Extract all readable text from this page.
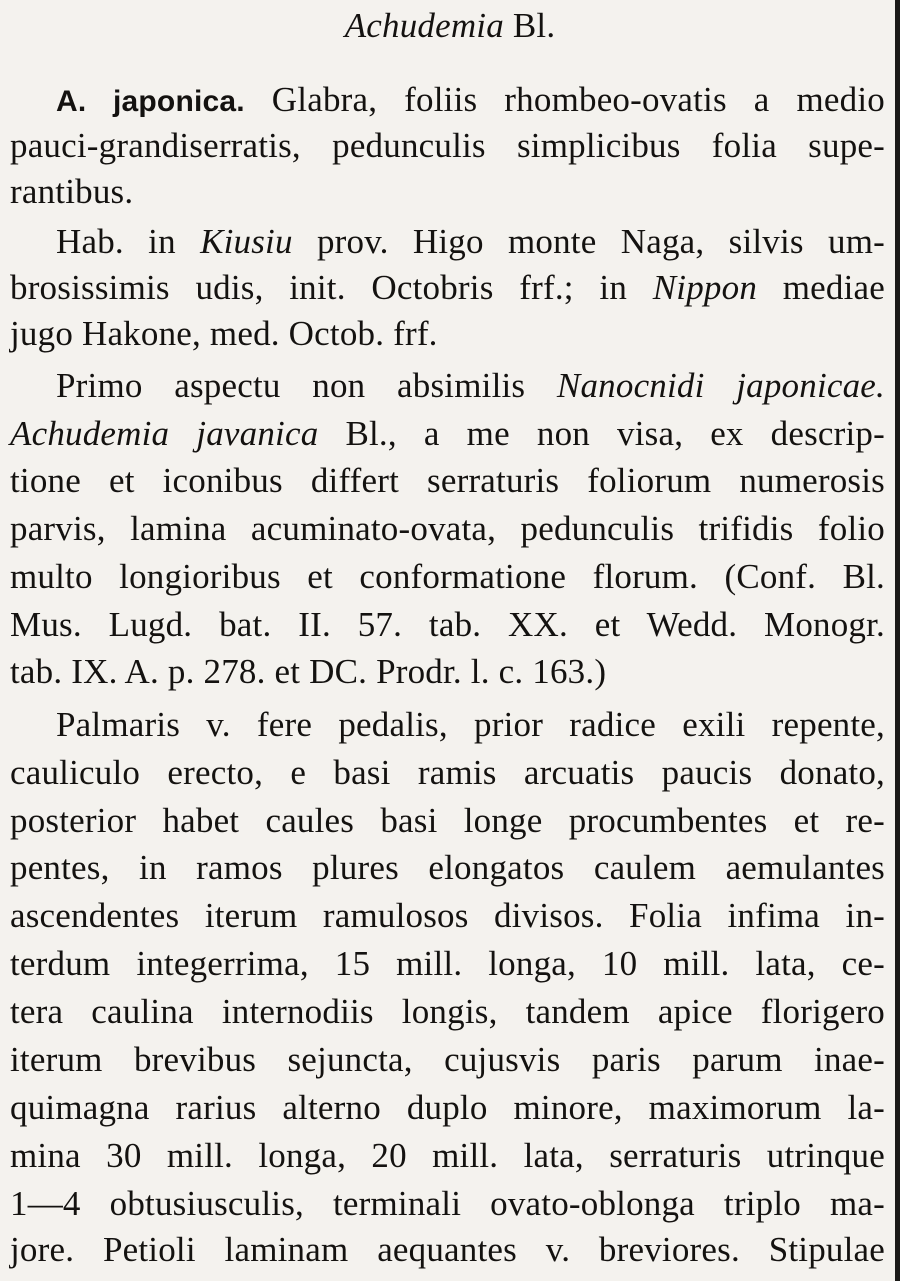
Achudemia Bl.
A. japonica. Glabra, foliis rhombeo-ovatis a medio
pauci-grandiserratis, pedunculis simplicibus folia supe-
rantibus.
Hab. in Kiusiu prov. Higo monte Naga, silvis um-
brosissimis udis, init. Octobris frf.; in Nippon mediae
jugo Hakone, med. Octob. frf.
Primo aspectu non absimilis Nanocnidi japonicae.
Achudemia javanica Bl., a me non visa, ex descrip-
tione et iconibus differt serraturis foliorum numerosis
parvis, lamina acuminato-ovata, pedunculis trifidis folio
multo longioribus et conformatione florum. (Conf. Bl.
Mus. Lugd. bat. II. 57. tab. XX. et Wedd. Monogr.
tab. IX. A. p. 278. et DC. Prodr. l. c. 163.)
Palmaris v. fere pedalis, prior radice exili repente,
cauliculo erecto, e basi ramis arcuatis paucis donato,
posterior habet caules basi longe procumbentes et re-
pentes, in ramos plures elongatos caulem aemulantes
ascendentes iterum ramulosos divisos. Folia infima in-
terdum integerrima, 15 mill. longa, 10 mill. lata, ce-
tera caulina internodiis longis, tandem apice florigero
iterum brevibus sejuncta, cujusvis paris parum inae-
quimagna rarius alterno duplo minore, maximorum la-
mina 30 mill. longa, 20 mill. lata, serraturis utrinque
1—4 obtusiusculis, terminali ovato-oblonga triplo ma-
jore. Petioli laminam aequantes v. breviores. Stipulae
